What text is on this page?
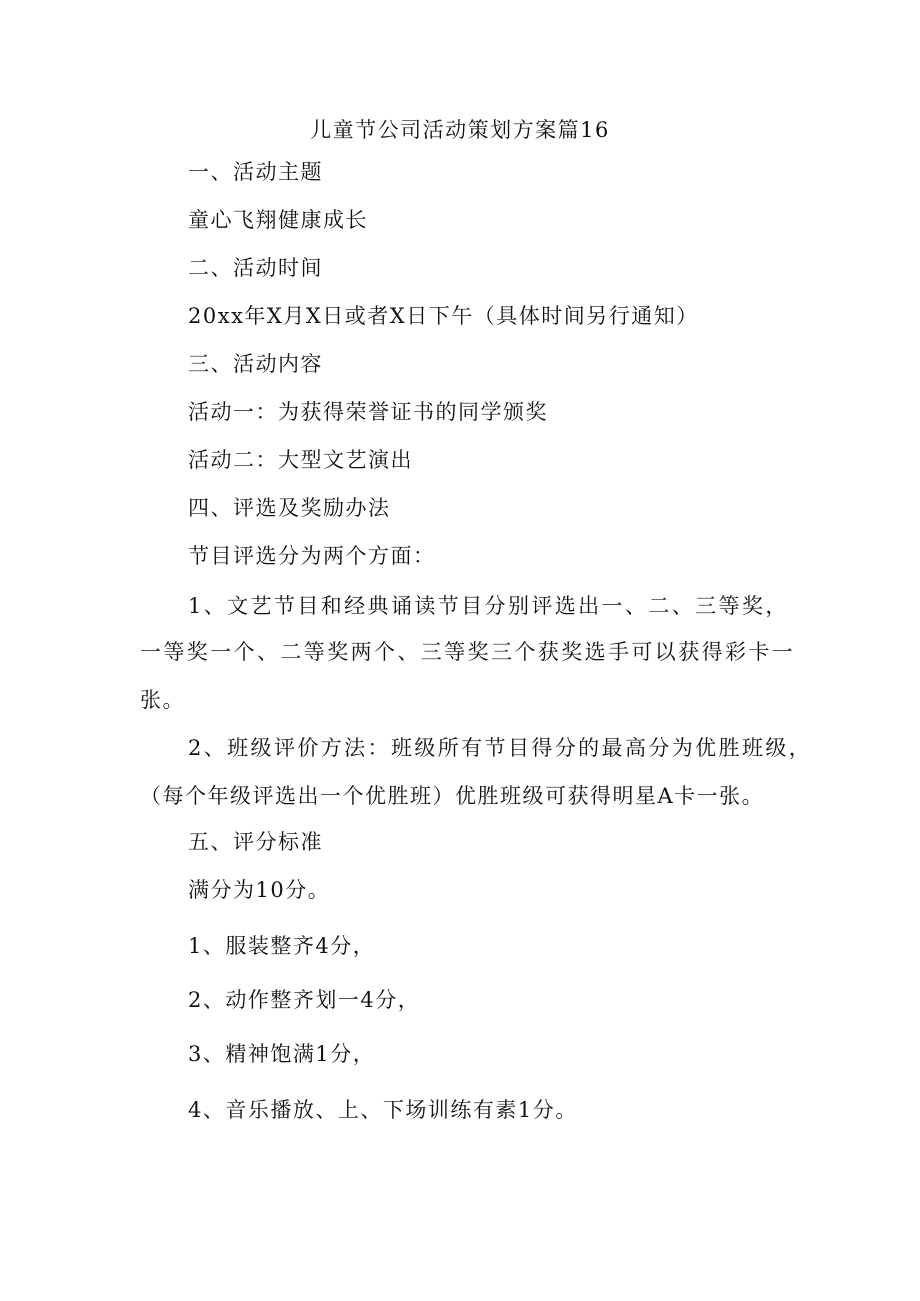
儿童节公司活动策划方案篇16
一、活动主题
童心飞翔健康成长
二、活动时间
20xx年X月X日或者X日下午（具体时间另行通知）
三、活动内容
活动一：为获得荣誉证书的同学颁奖
活动二：大型文艺演出
四、评选及奖励办法
节目评选分为两个方面：
1、文艺节目和经典诵读节目分别评选出一、二、三等奖，
一等奖一个、二等奖两个、三等奖三个获奖选手可以获得彩卡一
张。
2、班级评价方法：班级所有节目得分的最高分为优胜班级，
（每个年级评选出一个优胜班）优胜班级可获得明星A卡一张。
五、评分标准
满分为10分。
1、服装整齐4分，
2、动作整齐划一4分，
3、精神饱满1分，
4、音乐播放、上、下场训练有素1分。
